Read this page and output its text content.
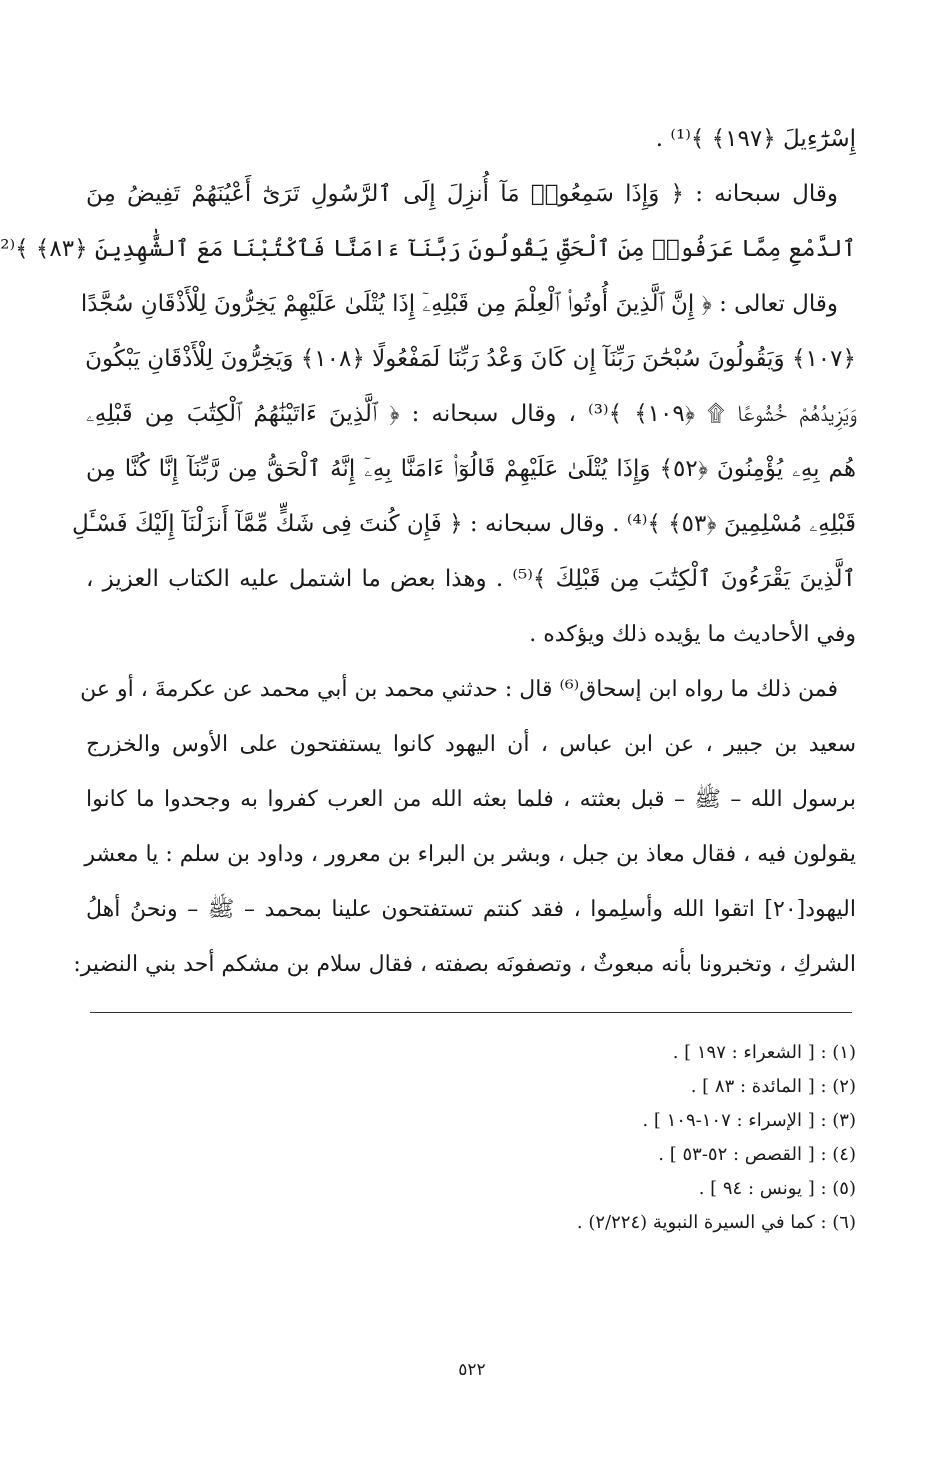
إِسْرَٰٓءِيلَ ﴿١٩٧﴾ ﴾⁽¹⁾ .
وقال سبحانه : ﴿ وَإِذَا سَمِعُوا۟ مَآ أُنزِلَ إِلَى ٱلرَّسُولِ تَرَىٰٓ أَعْيُنَهُمْ تَفِيضُ مِنَ
ٱلدَّمْعِ مِمَّا عَرَفُوا۟ مِنَ ٱلْحَقِّ يَقُولُونَ رَبَّنَآ ءَامَنَّا فَٱكْتُبْنَا مَعَ ٱلشَّٰهِدِينَ ﴿٨٣﴾ ﴾⁽²
وقال تعالى : ﴿ إِنَّ ٱلَّذِينَ أُوتُوا۟ ٱلْعِلْمَ مِن قَبْلِهِۦٓ إِذَا يُتْلَىٰ عَلَيْهِمْ يَخِرُّونَ لِلْأَذْقَانِ سُجَّدًا
﴿١٠٧﴾ وَيَقُولُونَ سُبْحَٰنَ رَبِّنَآ إِن كَانَ وَعْدُ رَبِّنَا لَمَفْعُولًا ﴿١٠٨﴾ وَيَخِرُّونَ لِلْأَذْقَانِ يَبْكُونَ
وَيَزِيدُهُمْ خُشُوعًا ۩ ﴿١٠٩﴾ ﴾⁽³⁾ ، وقال سبحانه : ﴿ ٱلَّذِينَ ءَاتَيْنَٰهُمُ ٱلْكِتَٰبَ مِن قَبْلِهِۦ
هُم بِهِۦ يُؤْمِنُونَ ﴿٥٢﴾ وَإِذَا يُتْلَىٰ عَلَيْهِمْ قَالُوٓا۟ ءَامَنَّا بِهِۦٓ إِنَّهُ ٱلْحَقُّ مِن رَّبِّنَآ إِنَّا كُنَّا مِن
قَبْلِهِۦ مُسْلِمِينَ ﴿٥٣﴾ ﴾⁽⁴⁾ . وقال سبحانه : ﴿ فَإِن كُنتَ فِى شَكٍّ مِّمَّآ أَنزَلْنَآ إِلَيْكَ فَسْـَٔلِ
ٱلَّذِينَ يَقْرَءُونَ ٱلْكِتَٰبَ مِن قَبْلِكَ ﴾⁽⁵⁾ . وهذا بعض ما اشتمل عليه الكتاب العزيز ،
وفي الأحاديث ما يؤيده ذلك ويؤكده .
فمن ذلك ما رواه ابن إسحاق⁽⁶⁾ قال : حدثني محمد بن أبي محمد عن عكرمةَ ، أو عن
سعيد بن جبير ، عن ابن عباس ، أن اليهود كانوا يستفتحون على الأوس والخزرج
برسول الله – ﷺ – قبل بعثته ، فلما بعثه الله من العرب كفروا به وجحدوا ما كانوا
يقولون فيه ، فقال معاذ بن جبل ، وبشر بن البراء بن معرور ، وداود بن سلم : يا معشر
اليهود[٢٠] اتقوا الله وأسلِموا ، فقد كنتم تستفتحون علينا بمحمد – ﷺ – ونحنُ أهلُ
الشركِ ، وتخبرونا بأنه مبعوثٌ ، وتصفونَه بصفته ، فقال سلام بن مشكم أحد بني النضير:
(١) : [ الشعراء : ١٩٧ ] .
(٢) : [ المائدة : ٨٣ ] .
(٣) : [ الإسراء : ١٠٧-١٠٩ ] .
(٤) : [ القصص : ٥٢-٥٣ ] .
(٥) : [ يونس : ٩٤ ] .
(٦) : كما في السيرة النبوية (٢/٢٢٤) .
٥٢٢
